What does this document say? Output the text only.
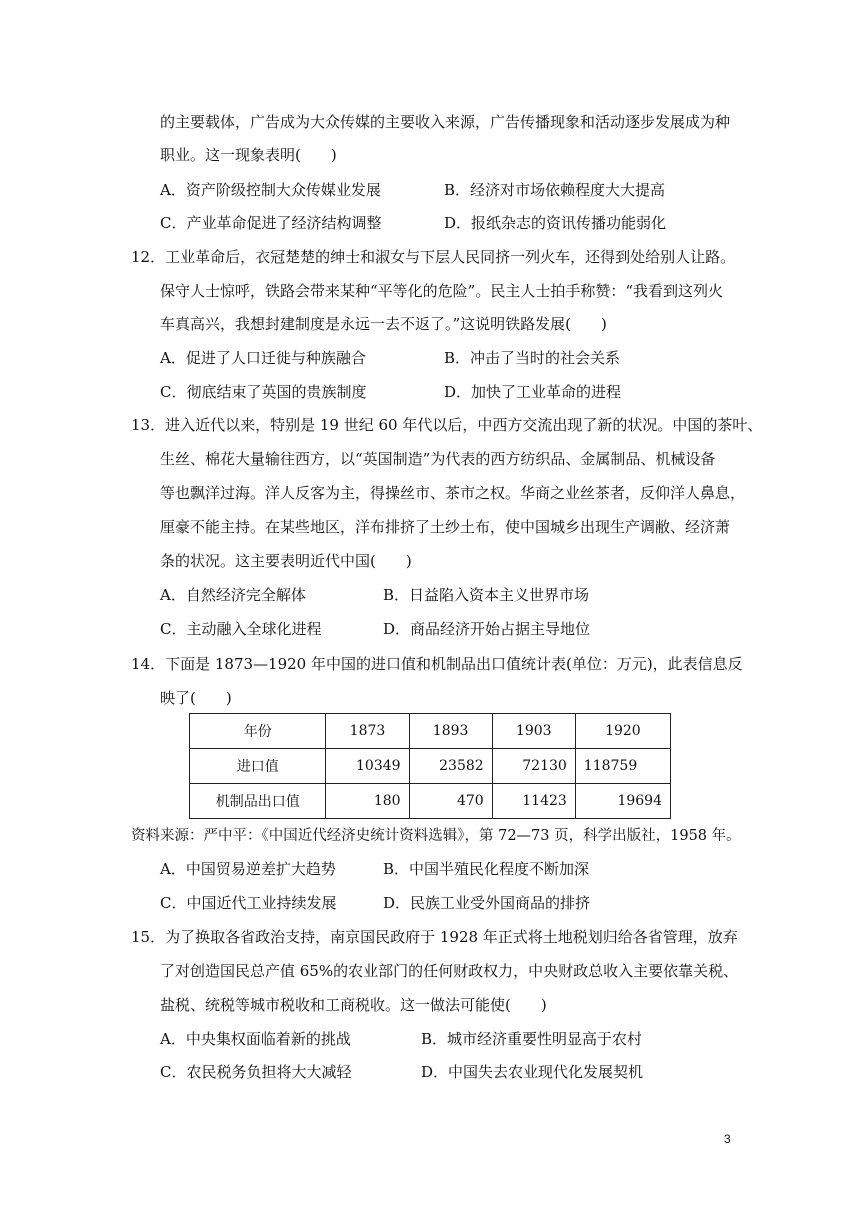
的主要载体，广告成为大众传媒的主要收入来源，广告传播现象和活动逐步发展成为种
职业。这一现象表明(　　)
A．资产阶级控制大众传媒业发展	B．经济对市场依赖程度大大提高
C．产业革命促进了经济结构调整	D．报纸杂志的资讯传播功能弱化
12．工业革命后，衣冠楚楚的绅士和淑女与下层人民同挤一列火车，还得到处给别人让路。
保守人士惊呼，铁路会带来某种“平等化的危险”。民主人士拍手称赞：“我看到这列火
车真高兴，我想封建制度是永远一去不返了。”这说明铁路发展(　　)
A．促进了人口迁徙与种族融合	B．冲击了当时的社会关系
C．彻底结束了英国的贵族制度	D．加快了工业革命的进程
13．进入近代以来，特别是 19 世纪 60 年代以后，中西方交流出现了新的状况。中国的茶叶、
生丝、棉花大量输往西方，以“英国制造”为代表的西方纺织品、金属制品、机械设备
等也飘洋过海。洋人反客为主，得操丝市、茶市之权。华商之业丝茶者，反仰洋人鼻息，
厘豪不能主持。在某些地区，洋布排挤了土纱土布，使中国城乡出现生产调敝、经济萧
条的状况。这主要表明近代中国(　　)
A．自然经济完全解体	B．日益陷入资本主义世界市场
C．主动融入全球化进程	D．商品经济开始占据主导地位
14．下面是 1873—1920 年中国的进口值和机制品出口值统计表(单位：万元)，此表信息反
映了(　　)
年份	1873	1893	1903	1920
进口值	10349	23582	72130	118759
机制品出口值	180	470	11423	19694
资料来源：严中平：《中国近代经济史统计资料选辑》，第 72—73 页，科学出版社，1958 年。
A．中国贸易逆差扩大趋势	B．中国半殖民化程度不断加深
C．中国近代工业持续发展	D．民族工业受外国商品的排挤
15．为了换取各省政治支持，南京国民政府于 1928 年正式将土地税划归给各省管理，放弃
了对创造国民总产值 65%的农业部门的任何财政权力，中央财政总收入主要依靠关税、
盐税、统税等城市税收和工商税收。这一做法可能使(　　)
A．中央集权面临着新的挑战	B．城市经济重要性明显高于农村
C．农民税务负担将大大减轻	D．中国失去农业现代化发展契机
3
